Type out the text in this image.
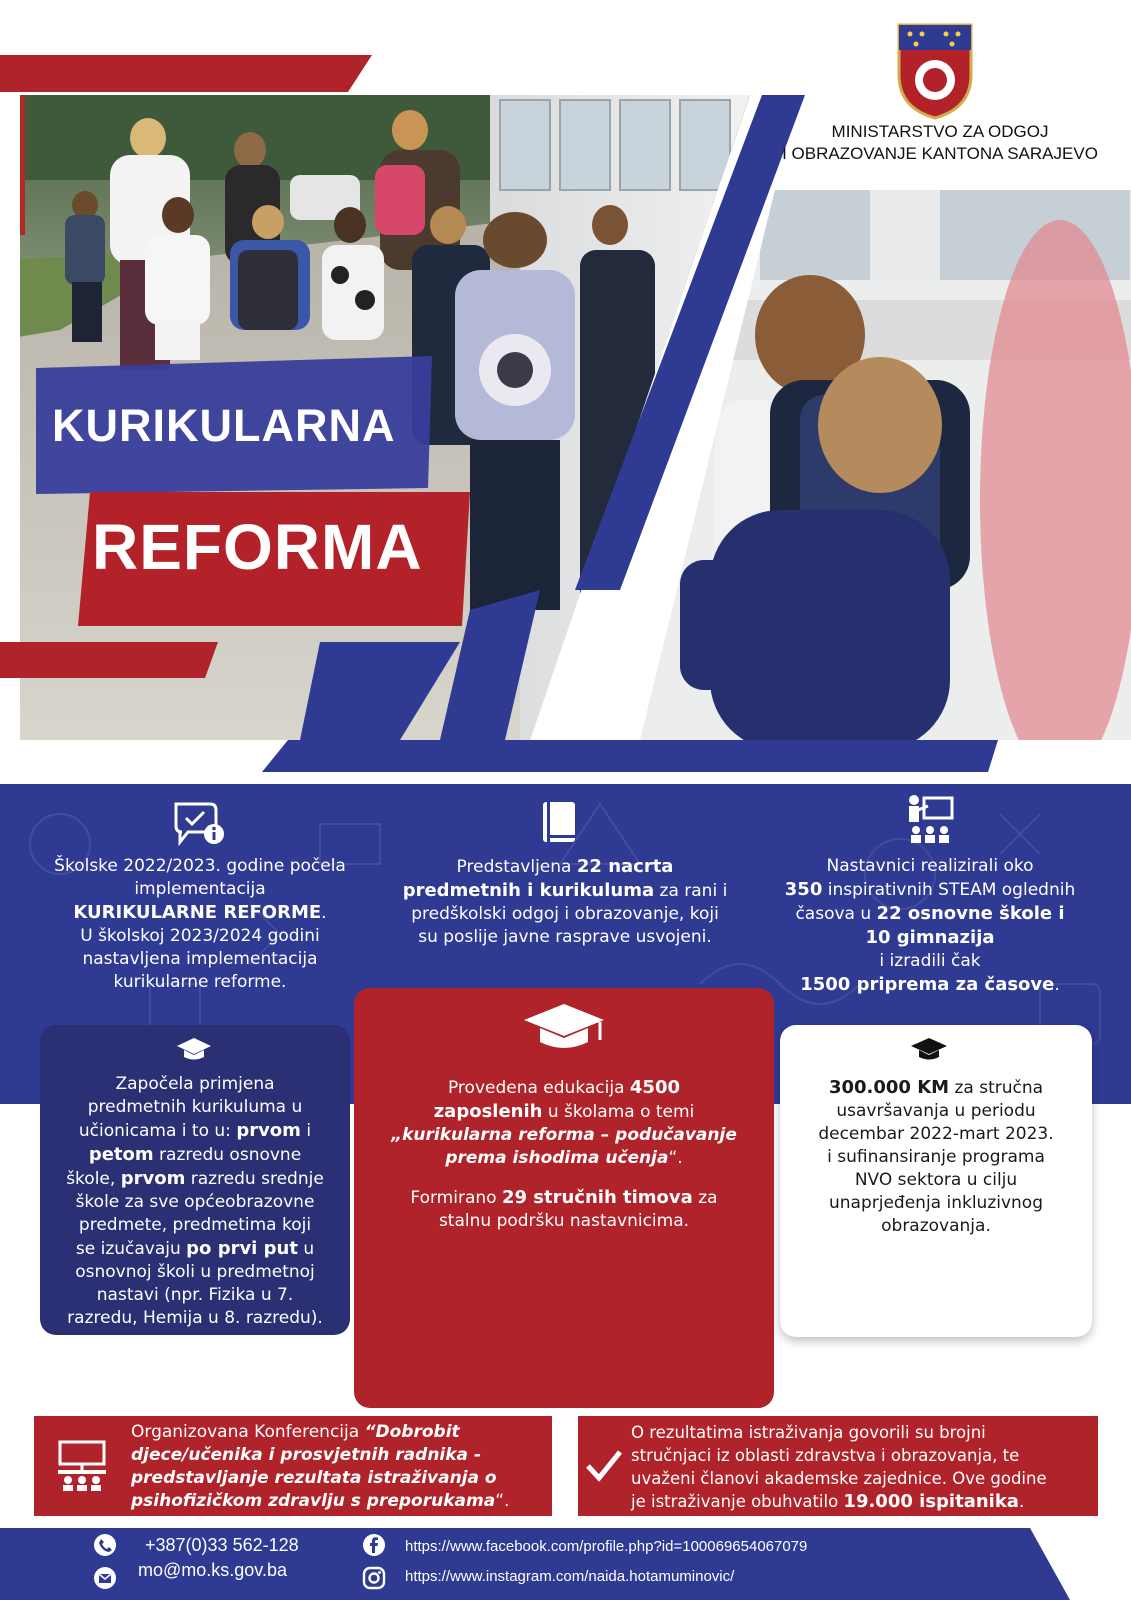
MINISTARSTVO ZA ODGOJ
I OBRAZOVANJE KANTONA SARAJEVO
KURIKULARNA
REFORMA
Školske 2022/2023. godine počela
implementacija
KURIKULARNE REFORME.
U školskoj 2023/2024 godini
nastavljena implementacija
kurikularne reforme.
Predstavljena 22 nacrta
predmetnih i kurikuluma za rani i
predškolski odgoj i obrazovanje, koji
su poslije javne rasprave usvojeni.
Nastavnici realizirali oko
350 inspirativnih STEAM oglednih
časova u 22 osnovne škole i
10 gimnazija
i izradili čak
1500 priprema za časove.
Započela primjena
predmetnih kurikuluma u
učionicama i to u: prvom i
petom razredu osnovne
škole, prvom razredu srednje
škole za sve općeobrazovne
predmete, predmetima koji
se izučavaju po prvi put u
osnovnoj školi u predmetnoj
nastavi (npr. Fizika u 7.
razredu, Hemija u 8. razredu).
Provedena edukacija 4500
zaposlenih u školama o temi
„kurikularna reforma – podučavanje
prema ishodima učenja“.
Formirano 29 stručnih timova za
stalnu podršku nastavnicima.
300.000 KM za stručna
usavršavanja u periodu
decembar 2022-mart 2023.
i sufinansiranje programa
NVO sektora u cilju
unaprjeđenja inkluzivnog
obrazovanja.
Organizovana Konferencija “Dobrobit
djece/učenika i prosvjetnih radnika -
predstavljanje rezultata istraživanja o
psihofizičkom zdravlju s preporukama“.
O rezultatima istraživanja govorili su brojni
stručnjaci iz oblasti zdravstva i obrazovanja, te
uvaženi članovi akademske zajednice. Ove godine
je istraživanje obuhvatilo 19.000 ispitanika.
+387(0)33 562-128
mo@mo.ks.gov.ba
https://www.facebook.com/profile.php?id=100069654067079
https://www.instagram.com/naida.hotamuminovic/
